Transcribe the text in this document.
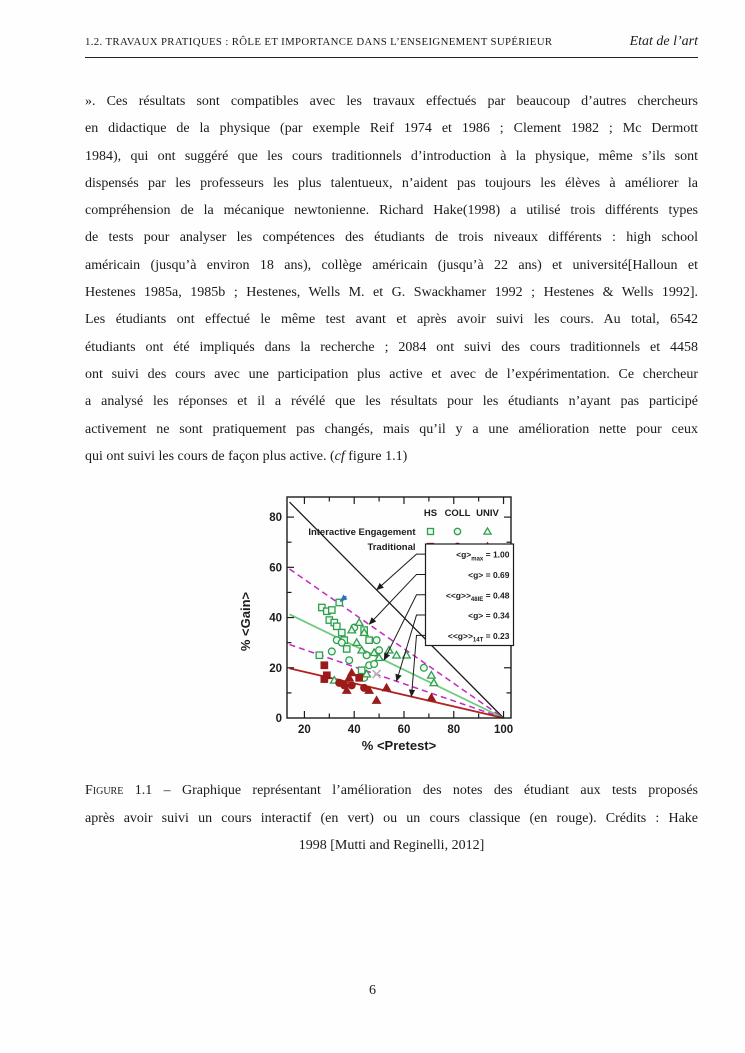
1.2. TRAVAUX PRATIQUES : RÔLE ET IMPORTANCE DANS L’ENSEIGNEMENT SUPÉRIEUR	Etat de l’art
». Ces résultats sont compatibles avec les travaux effectués par beaucoup d’autres chercheurs
en didactique de la physique (par exemple Reif 1974 et 1986 ; Clement 1982 ; Mc Dermott
1984), qui ont suggéré que les cours traditionnels d’introduction à la physique, même s’ils sont
dispensés par les professeurs les plus talentueux, n’aident pas toujours les élèves à améliorer la
compréhension de la mécanique newtonienne. Richard Hake(1998) a utilisé trois différents types
de tests pour analyser les compétences des étudiants de trois niveaux différents : high school
américain (jusqu’à environ 18 ans), collège américain (jusqu’à 22 ans) et université[Halloun et
Hestenes 1985a, 1985b ; Hestenes, Wells M. et G. Swackhamer 1992 ; Hestenes & Wells 1992].
Les étudiants ont effectué le même test avant et après avoir suivi les cours. Au total, 6542
étudiants ont été impliqués dans la recherche ; 2084 ont suivi des cours traditionnels et 4458
ont suivi des cours avec une participation plus active et avec de l’expérimentation. Ce chercheur
a analysé les réponses et il a révélé que les résultats pour les étudiants n’ayant pas participé
activement ne sont pratiquement pas changés, mais qu’il y a une amélioration nette pour ceux
qui ont suivi les cours de façon plus active. (cf figure 1.1)
20	40	60	80	100
0
20
40
60
80
% <Pretest>
% <Gain>
HS COLL UNIV
Interactive Engagement
Traditional
$<g>_{max} = 1.00$
<g> = 0.69
$<<g>>_{48IE} = 0.48$
<g> = 0.34
$<<g>>_{14T} = 0.23$
Figure 1.1 – Graphique représentant l’amélioration des notes des étudiant aux tests proposés
après avoir suivi un cours interactif (en vert) ou un cours classique (en rouge). Crédits : Hake
1998 [Mutti and Reginelli, 2012]
6
